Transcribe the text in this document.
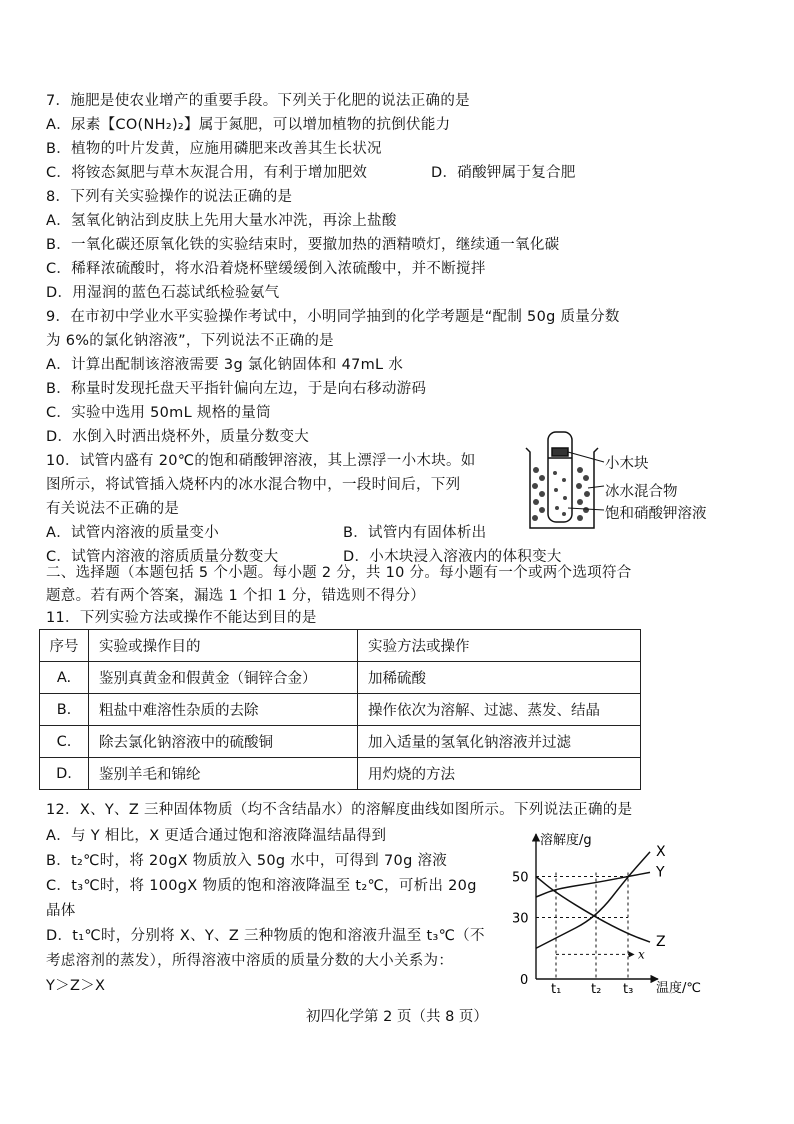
7．施肥是使农业增产的重要手段。下列关于化肥的说法正确的是
A．尿素【CO(NH₂)₂】属于氮肥，可以增加植物的抗倒伏能力
B．植物的叶片发黄，应施用磷肥来改善其生长状况
C．将铵态氮肥与草木灰混合用，有利于增加肥效	D．硝酸钾属于复合肥
8．下列有关实验操作的说法正确的是
A．氢氧化钠沾到皮肤上先用大量水冲洗，再涂上盐酸
B．一氧化碳还原氧化铁的实验结束时，要撤加热的酒精喷灯，继续通一氧化碳
C．稀释浓硫酸时，将水沿着烧杯壁缓缓倒入浓硫酸中，并不断搅拌
D．用湿润的蓝色石蕊试纸检验氨气
9．在市初中学业水平实验操作考试中，小明同学抽到的化学考题是“配制 50g 质量分数
为 6%的氯化钠溶液”，下列说法不正确的是
A．计算出配制该溶液需要 3g 氯化钠固体和 47mL 水
B．称量时发现托盘天平指针偏向左边，于是向右移动游码
C．实验中选用 50mL 规格的量筒
D．水倒入时洒出烧杯外，质量分数变大
10．试管内盛有 20℃的饱和硝酸钾溶液，其上漂浮一小木块。如
图所示，将试管插入烧杯内的冰水混合物中，一段时间后，下列
有关说法不正确的是
A．试管内溶液的质量变小	B．试管内有固体析出
C．试管内溶液的溶质质量分数变大	D．小木块浸入溶液内的体积变大
小木块
冰水混合物
饱和硝酸钾溶液
二、选择题（本题包括 5 个小题。每小题 2 分，共 10 分。每小题有一个或两个选项符合
题意。若有两个答案，漏选 1 个扣 1 分，错选则不得分）
11．下列实验方法或操作不能达到目的是
序号	实验或操作目的	实验方法或操作
A.	鉴别真黄金和假黄金（铜锌合金）	加稀硫酸
B.	粗盐中难溶性杂质的去除	操作依次为溶解、过滤、蒸发、结晶
C.	除去氯化钠溶液中的硫酸铜	加入适量的氢氧化钠溶液并过滤
D.	鉴别羊毛和锦纶	用灼烧的方法
12．X、Y、Z 三种固体物质（均不含结晶水）的溶解度曲线如图所示。下列说法正确的是
A．与 Y 相比，X 更适合通过饱和溶液降温结晶得到
B．t₂℃时，将 20gX 物质放入 50g 水中，可得到 70g 溶液
C．t₃℃时，将 100gX 物质的饱和溶液降温至 t₂℃，可析出 20g
晶体
D．t₁℃时，分别将 X、Y、Z 三种物质的饱和溶液升温至 t₃℃（不
考虑溶剂的蒸发），所得溶液中溶质的质量分数的大小关系为：
Y＞Z＞X
30
50
t₁ t₂ t₃
x
X
Y
Z
溶解度/g
温度/℃
0
初四化学第 2 页（共 8 页）
